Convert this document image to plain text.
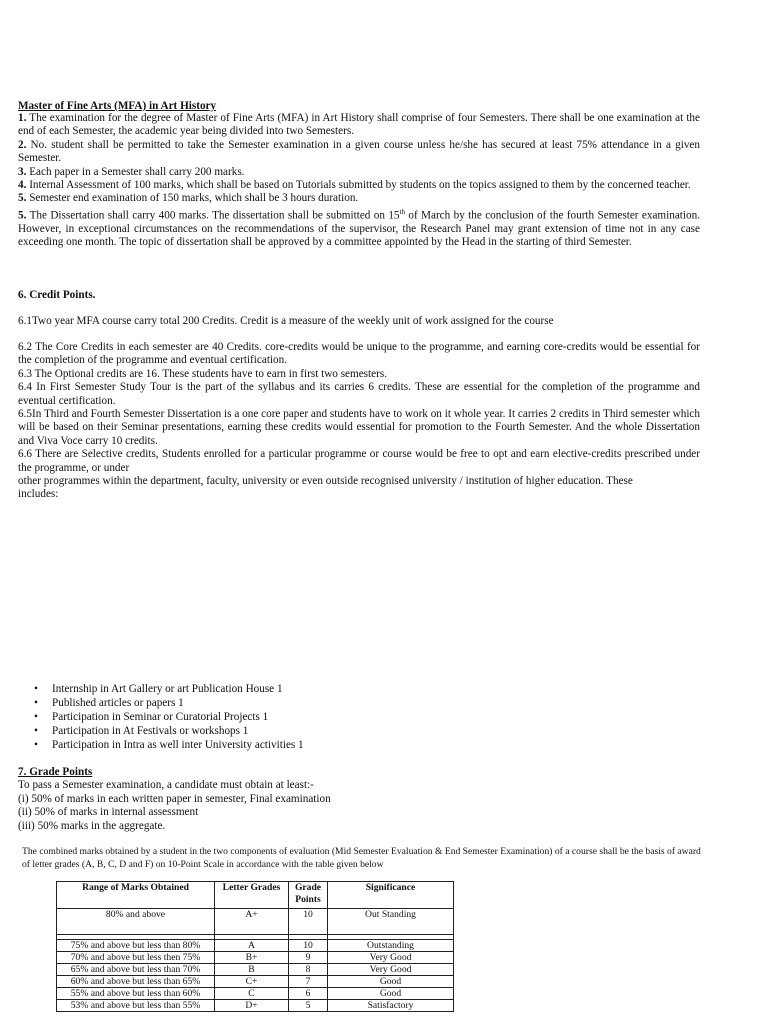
Master of Fine Arts (MFA) in Art History

1. The examination for the degree of Master of Fine Arts (MFA) in Art History shall comprise of four Semesters. There shall be one examination at the end of each Semester, the academic year being divided into two Semesters.

2. No. student shall be permitted to take the Semester examination in a given course unless he/she has secured at least 75% attendance in a given Semester.

3. Each paper in a Semester shall carry 200 marks.

4. Internal Assessment of 100 marks, which shall be based on Tutorials submitted by students on the topics assigned to them by the concerned teacher.

5. Semester end examination of 150 marks, which shall be 3 hours duration.

5. The Dissertation shall carry 400 marks. The dissertation shall be submitted on 15th of March by the conclusion of the fourth Semester examination. However, in exceptional circumstances on the recommendations of the supervisor, the Research Panel may grant extension of time not in any case exceeding one month. The topic of dissertation shall be approved by a committee appointed by the Head in the starting of third Semester.

6. Credit Points.
6.1Two year MFA course carry total 200 Credits. Credit is a measure of the weekly unit of work assigned for the course

6.2 The Core Credits in each semester are 40 Credits. core-credits would be unique to the programme, and earning core-credits would be essential for the completion of the programme and eventual certification.

6.3 The Optional credits are 16. These students have to earn in first two semesters.

6.4 In First Semester Study Tour is the part of the syllabus and its carries 6 credits. These are essential for the completion of the programme and eventual certification.

6.5In Third and Fourth Semester Dissertation is a one core paper and students have to work on it whole year. It carries 2 credits in Third semester which will be based on their Seminar presentations, earning these credits would essential for promotion to the Fourth Semester. And the whole Dissertation and Viva Voce carry 10 credits.

6.6 There are Selective credits, Students enrolled for a particular programme or course would be free to opt and earn elective-credits prescribed under the programme, or under

other programmes within the department, faculty, university or even outside recognised university / institution of higher education. These includes:

• Internship in Art Gallery or art Publication House 1
• Published articles or papers 1
• Participation in Seminar or Curatorial Projects 1
• Participation in At Festivals or workshops 1
• Participation in Intra as well inter University activities 1
7. Grade Points
To pass a Semester examination, a candidate must obtain at least:-
(i) 50% of marks in each written paper in semester, Final examination
(ii) 50% of marks in internal assessment
(iii) 50% marks in the aggregate.
The combined marks obtained by a student in the two components of evaluation (Mid Semester Evaluation & End Semester Examination) of a course shall be the basis of award of letter grades (A, B, C, D and F) on 10-Point Scale in accordance with the table given below
Range of Marks Obtained	Letter Grades	Grade Points	Significance
80% and above	A+	10	Out Standing

75% and above but less than 80%	A	10	Outstanding
70% and above but less then 75%	B+	9	Very Good
65% and above but less than 70%	B	8	Very Good
60% and above but less than 65%	C+	7	Good
55% and above but less than 60%	C	6	Good
53% and above but less than 55%	D+	5	Satisfactory
